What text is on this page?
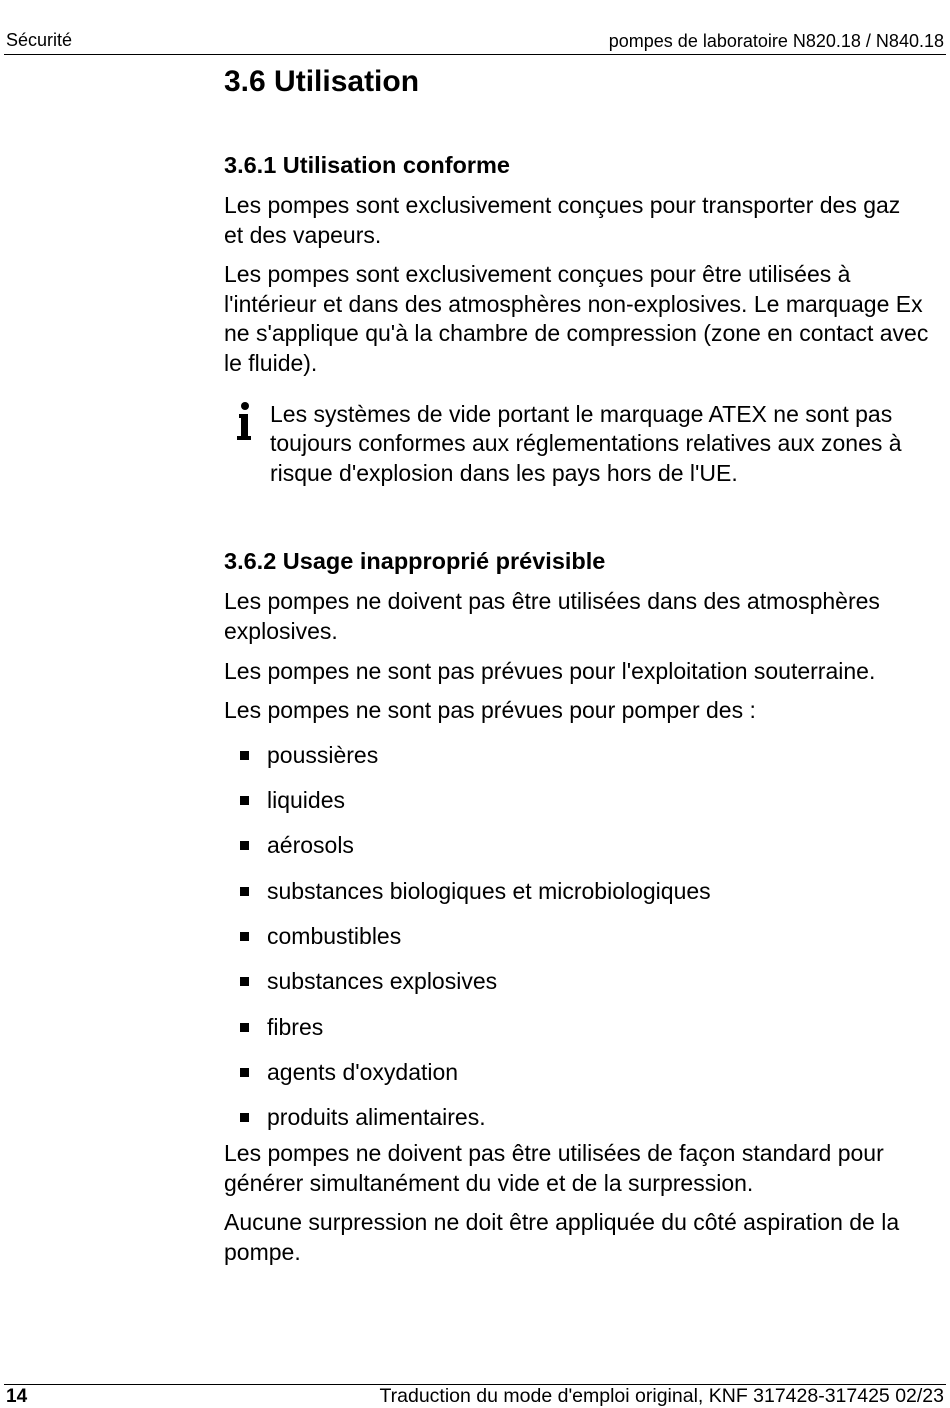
Sécurité	pompes de laboratoire N820.18 / N840.18
3.6 Utilisation
3.6.1 Utilisation conforme

Les pompes sont exclusivement conçues pour transporter des gaz et des vapeurs.

Les pompes sont exclusivement conçues pour être utilisées à l'intérieur et dans des atmosphères non-explosives. Le marquage Ex ne s'applique qu'à la chambre de compression (zone en contact avec le fluide).

Les systèmes de vide portant le marquage ATEX ne sont pas toujours conformes aux réglementations relatives aux zones à risque d'explosion dans les pays hors de l'UE.

3.6.2 Usage inapproprié prévisible

Les pompes ne doivent pas être utilisées dans des atmosphères explosives.

Les pompes ne sont pas prévues pour l'exploitation souterraine.

Les pompes ne sont pas prévues pour pomper des :

poussières
liquides
aérosols
substances biologiques et microbiologiques
combustibles
substances explosives
fibres
agents d'oxydation
produits alimentaires.

Les pompes ne doivent pas être utilisées de façon standard pour générer simultanément du vide et de la surpression.

Aucune surpression ne doit être appliquée du côté aspiration de la pompe.

14	Traduction du mode d'emploi original, KNF 317428-317425 02/23
